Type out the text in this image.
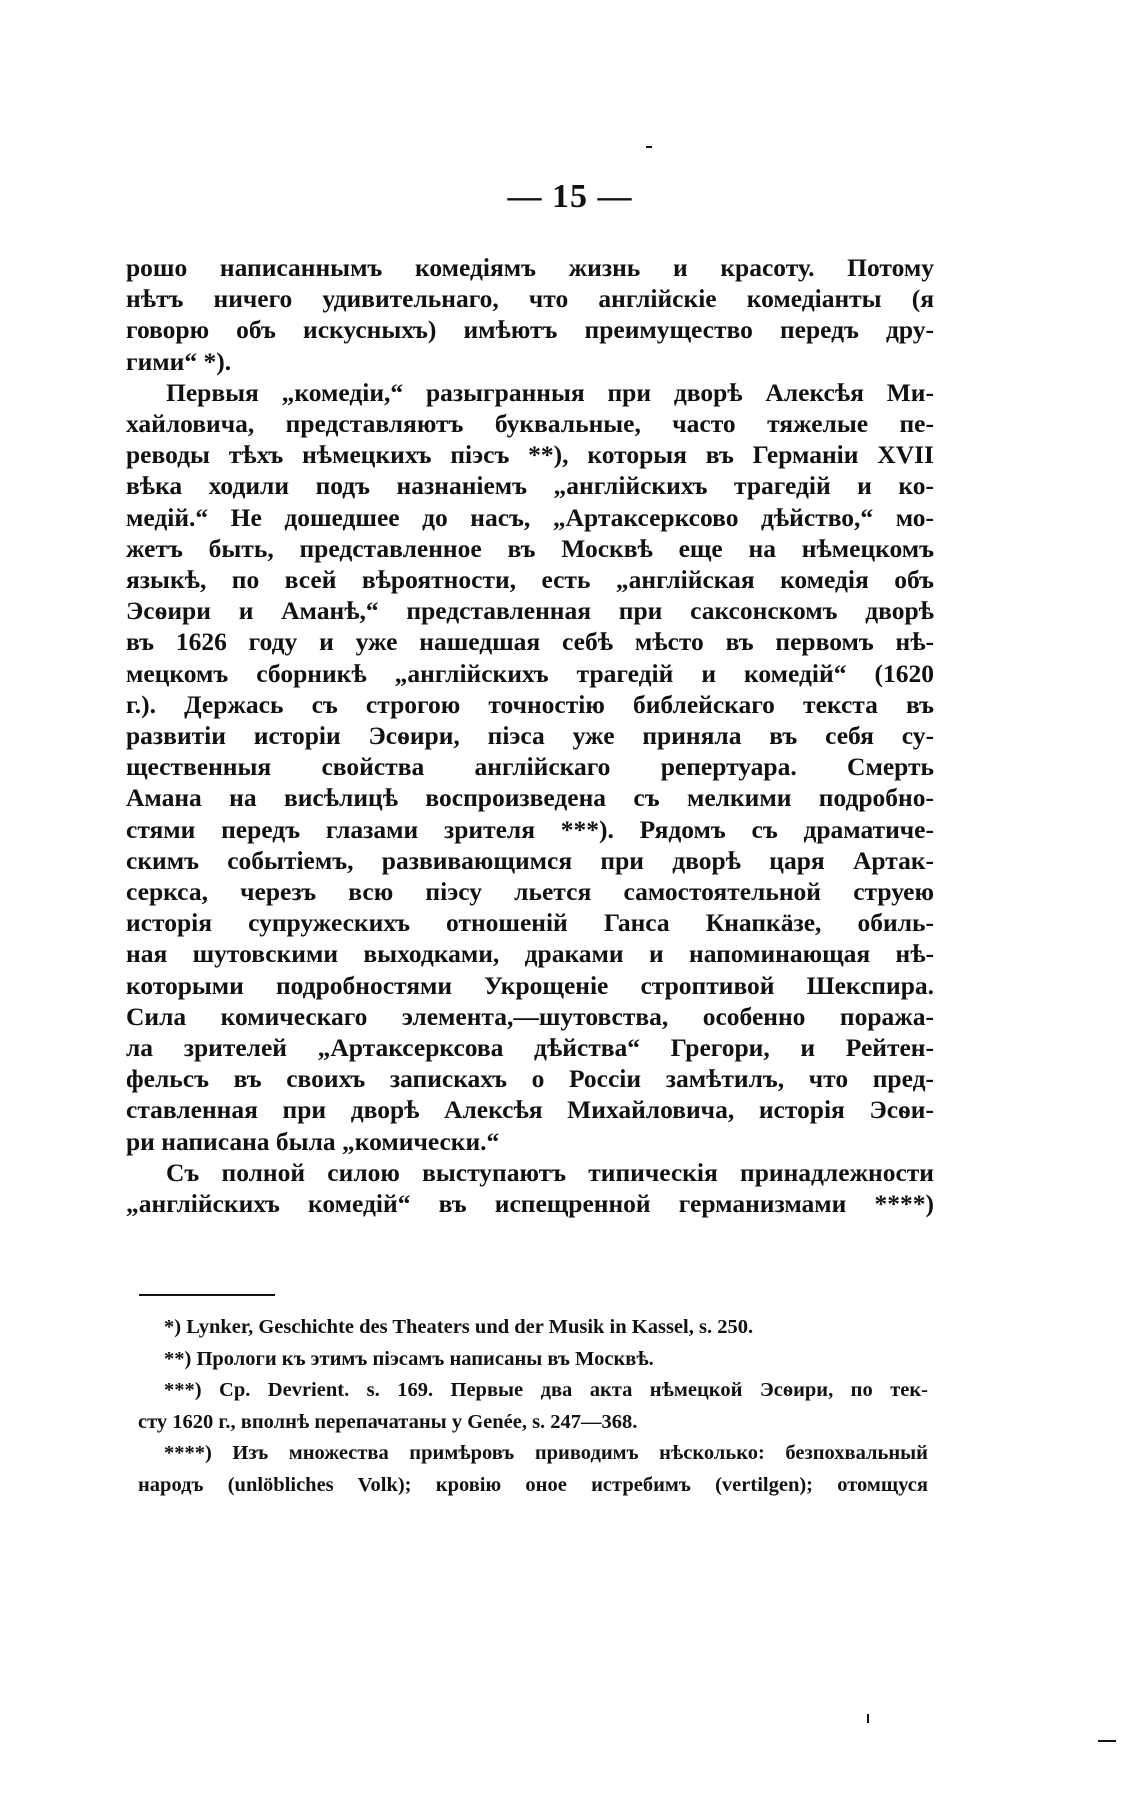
— 15 —
рошо написаннымъ комедіямъ жизнь и красоту. Потому
нѣтъ ничего удивительнаго, что англійскіе комедіанты (я
говорю объ искусныхъ) имѣютъ преимущество передъ дру-
гими“ *).
Первыя „комедіи,“ разыгранныя при дворѣ Алексѣя Ми-
хайловича, представляютъ буквальные, часто тяжелые пе-
реводы тѣхъ нѣмецкихъ піэсъ **), которыя въ Германіи XVII
вѣка ходили подъ назнаніемъ „англійскихъ трагедій и ко-
медій.“ Не дошедшее до насъ, „Артаксерксово дѣйство,“ мо-
жетъ быть, представленное въ Москвѣ еще на нѣмецкомъ
языкѣ, по всей вѣроятности, есть „англійская комедія объ
Эсѳири и Аманѣ,“ представленная при саксонскомъ дворѣ
въ 1626 году и уже нашедшая себѣ мѣсто въ первомъ нѣ-
мецкомъ сборникѣ „англійскихъ трагедій и комедій“ (1620
г.). Держась съ строгою точностію библейскаго текста въ
развитіи исторіи Эсѳири, піэса уже приняла въ себя су-
щественныя свойства англійскаго репертуара. Смерть
Амана на висѣлицѣ воспроизведена съ мелкими подробно-
стями передъ глазами зрителя ***). Рядомъ съ драматиче-
скимъ событіемъ, развивающимся при дворѣ царя Артак-
серкса, черезъ всю піэсу льется самостоятельной струею
исторія супружескихъ отношеній Ганса Кнапкäзе, обиль-
ная шутовскими выходками, драками и напоминающая нѣ-
которыми подробностями Укрощеніе строптивой Шекспира.
Сила комическаго элемента,—шутовства, особенно поража-
ла зрителей „Артаксерксова дѣйства“ Грегори, и Рейтен-
фельсъ въ своихъ запискахъ о Россіи замѣтилъ, что пред-
ставленная при дворѣ Алексѣя Михайловича, исторія Эсѳи-
ри написана была „комически.“
Съ полной силою выступаютъ типическія принадлежности
„англійскихъ комедій“ въ испещренной германизмами ****)
*) Lynker, Geschichte des Theaters und der Musik in Kassel, s. 250.
**) Прологи къ этимъ піэсамъ написаны въ Москвѣ.
***) Ср. Devrient. s. 169. Первые два акта нѣмецкой Эсѳири, по тек-
сту 1620 г., вполнѣ перепачатаны у Genée, s. 247—368.
****) Изъ множества примѣровъ приводимъ нѣсколько: безпохвальный
народъ (unlöbliches Volk); кровію оное истребимъ (vertilgen); отомщуся
